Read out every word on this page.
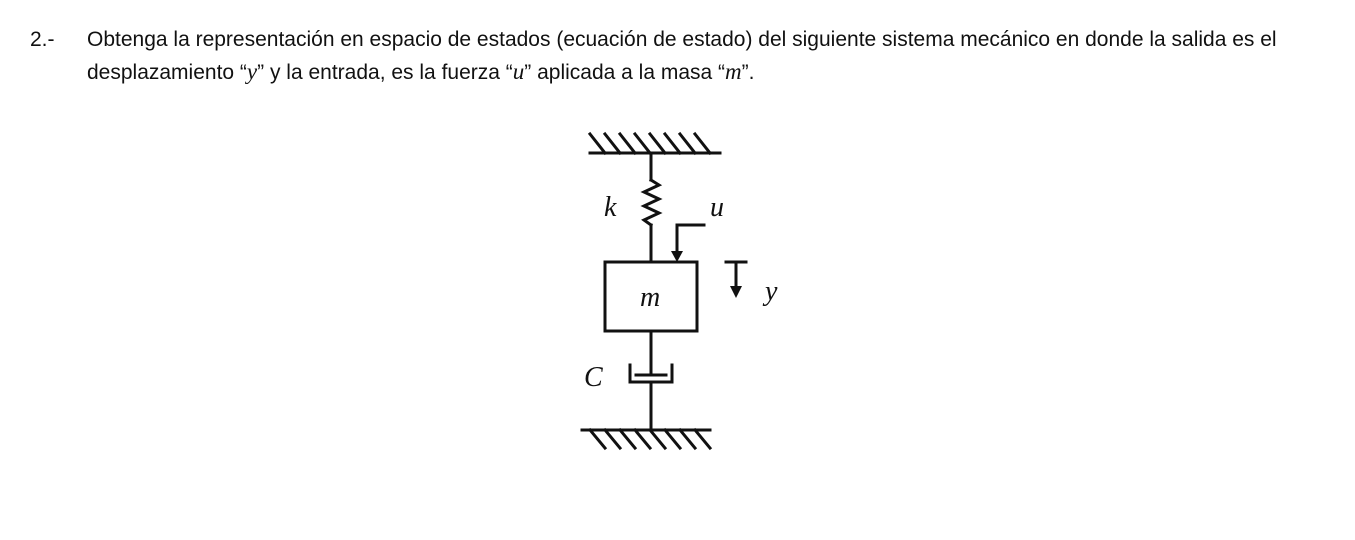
2.- Obtenga la representación en espacio de estados (ecuación de estado) del siguiente sistema mecánico en donde la salida es el
desplazamiento “y” y la entrada, es la fuerza “u” aplicada a la masa “m”.
k	u
m	y
C
